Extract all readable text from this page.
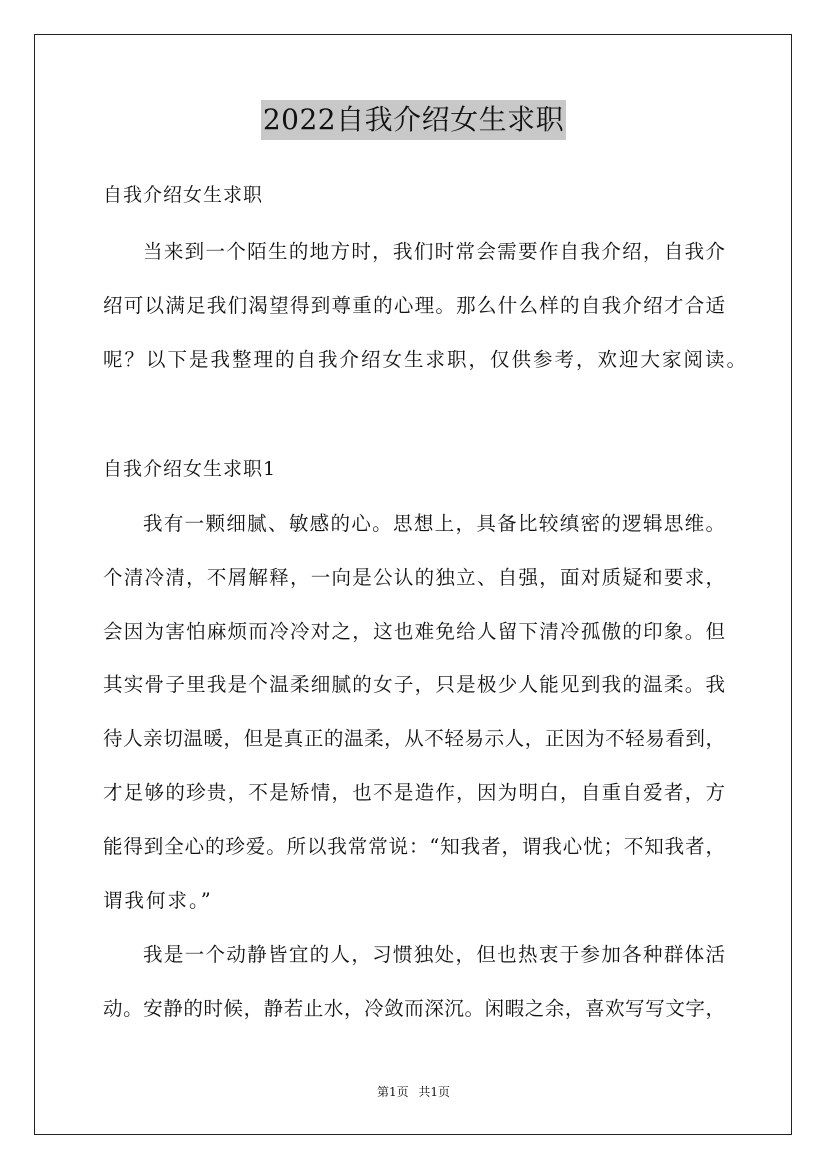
2022自我介绍女生求职
自我介绍女生求职
当来到一个陌生的地方时，我们时常会需要作自我介绍，自我介
绍可以满足我们渴望得到尊重的心理。那么什么样的自我介绍才合适
呢？以下是我整理的自我介绍女生求职，仅供参考，欢迎大家阅读。
自我介绍女生求职1
我有一颗细腻、敏感的心。思想上，具备比较缜密的逻辑思维。
个清冷清，不屑解释，一向是公认的独立、自强，面对质疑和要求，
会因为害怕麻烦而冷冷对之，这也难免给人留下清冷孤傲的印象。但
其实骨子里我是个温柔细腻的女子，只是极少人能见到我的温柔。我
待人亲切温暖，但是真正的温柔，从不轻易示人，正因为不轻易看到，
才足够的珍贵，不是矫情，也不是造作，因为明白，自重自爱者，方
能得到全心的珍爱。所以我常常说：“知我者，谓我心忧；不知我者，
谓我何求。”
我是一个动静皆宜的人，习惯独处，但也热衷于参加各种群体活
动。安静的时候，静若止水，冷敛而深沉。闲暇之余，喜欢写写文字，
第1页 共1页
